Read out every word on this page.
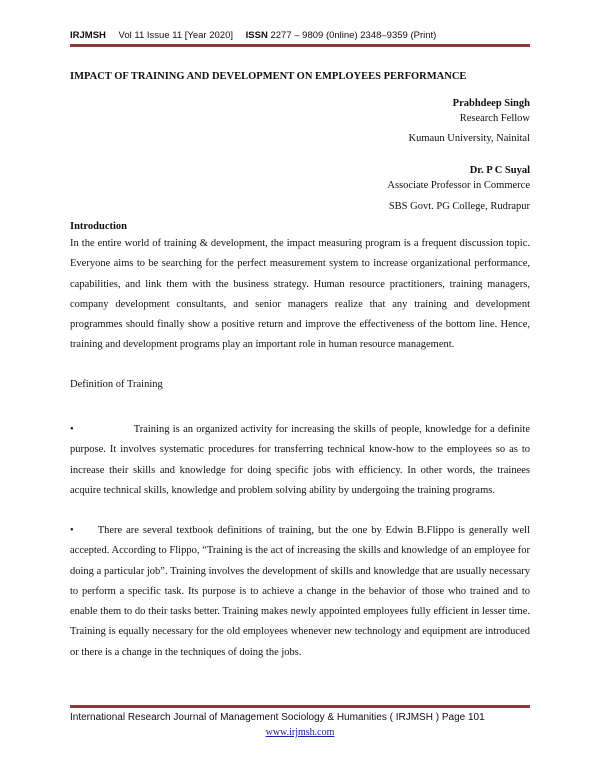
IRJMSH Vol 11 Issue 11 [Year 2020] ISSN 2277 – 9809 (0nline) 2348–9359 (Print)
IMPACT OF TRAINING AND DEVELOPMENT ON EMPLOYEES PERFORMANCE
Prabhdeep Singh
Research Fellow
Kumaun University, Nainital
Dr. P C Suyal
Associate Professor in Commerce
SBS Govt. PG College, Rudrapur
Introduction
In the entire world of training & development, the impact measuring program is a frequent discussion topic. Everyone aims to be searching for the perfect measurement system to increase organizational performance, capabilities, and link them with the business strategy. Human resource practitioners, training managers, company development consultants, and senior managers realize that any training and development programmes should finally show a positive return and improve the effectiveness of the bottom line. Hence, training and development programs play an important role in human resource management.
Definition of Training
•	Training is an organized activity for increasing the skills of people, knowledge for a definite purpose. It involves systematic procedures for transferring technical know-how to the employees so as to increase their skills and knowledge for doing specific jobs with efficiency. In other words, the trainees acquire technical skills, knowledge and problem solving ability by undergoing the training programs.
• There are several textbook definitions of training, but the one by Edwin B.Flippo is generally well accepted. According to Flippo, “Training is the act of increasing the skills and knowledge of an employee for doing a particular job”. Training involves the development of skills and knowledge that are usually necessary to perform a specific task. Its purpose is to achieve a change in the behavior of those who trained and to enable them to do their tasks better. Training makes newly appointed employees fully efficient in lesser time. Training is equally necessary for the old employees whenever new technology and equipment are introduced or there is a change in the techniques of doing the jobs.
International Research Journal of Management Sociology & Humanities ( IRJMSH ) Page 101
www.irjmsh.com
